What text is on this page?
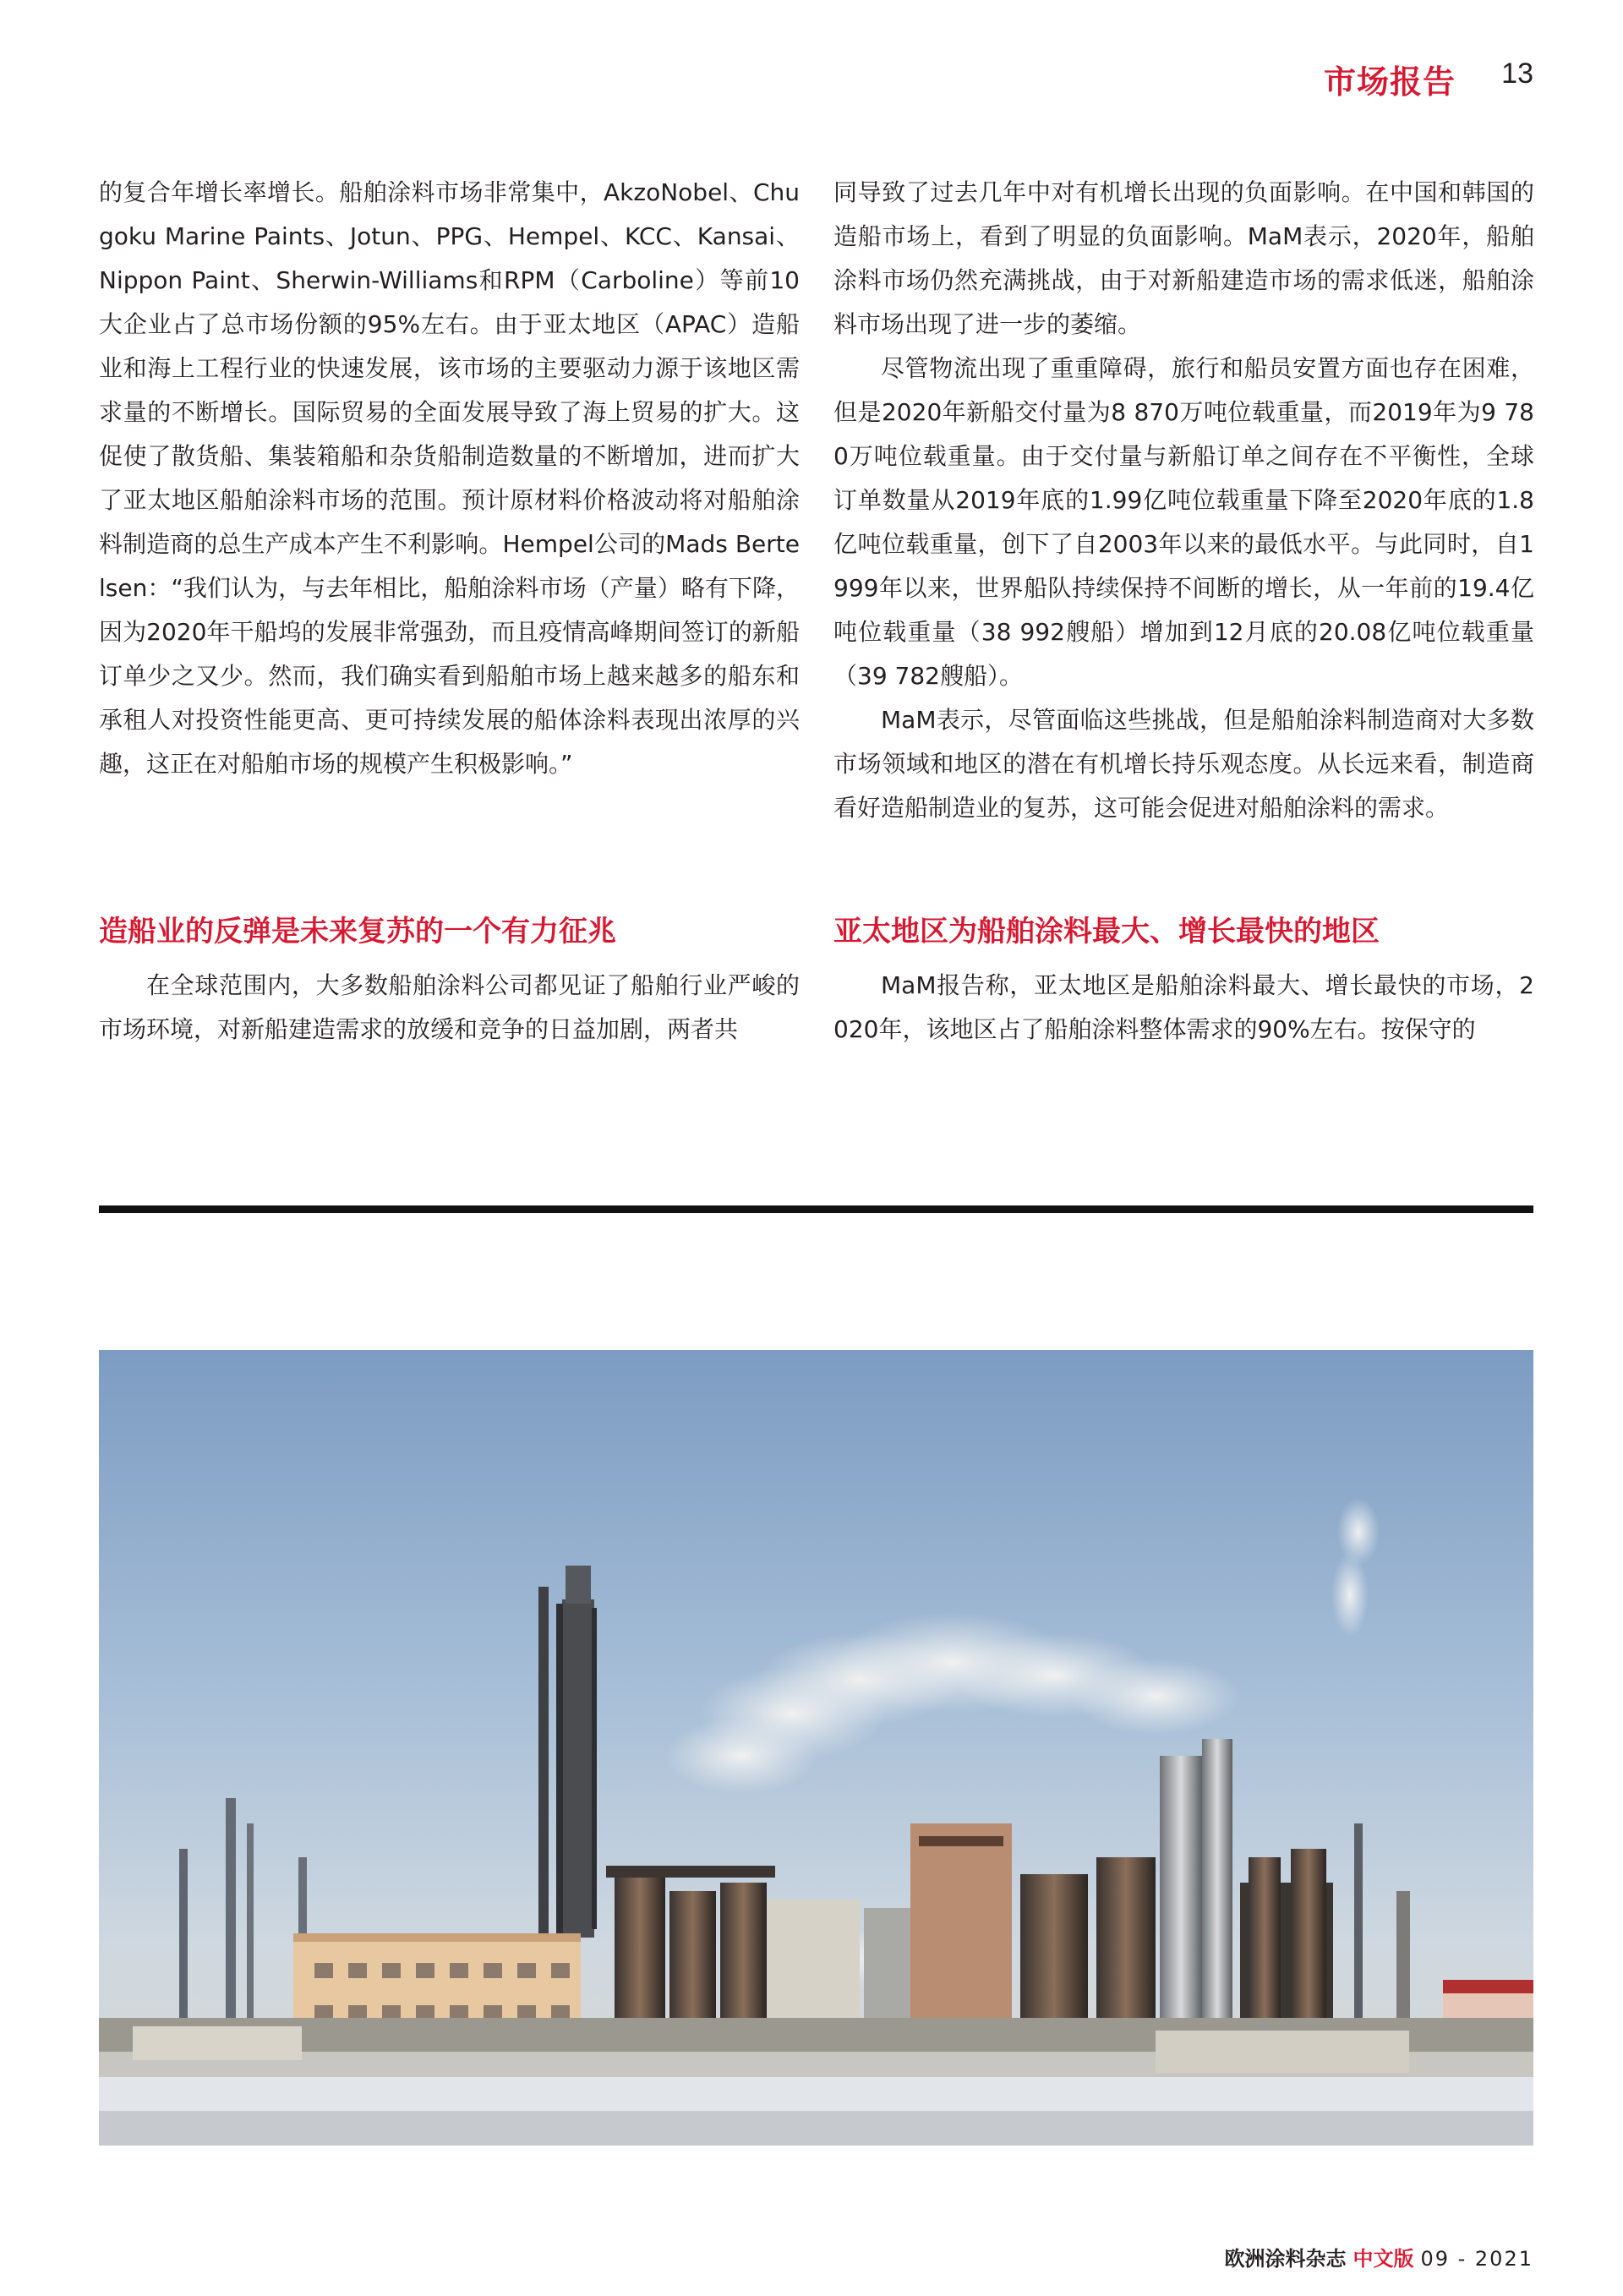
市场报告 13

的复合年增长率增长。船舶涂料市场非常集中，AkzoNobel、Chugoku Marine Paints、Jotun、PPG、Hempel、KCC、Kansai、Nippon Paint、Sherwin-Williams和RPM（Carboline）等前10大企业占了总市场份额的95%左右。由于亚太地区（APAC）造船业和海上工程行业的快速发展，该市场的主要驱动力源于该地区需求量的不断增长。国际贸易的全面发展导致了海上贸易的扩大。这促使了散货船、集装箱船和杂货船制造数量的不断增加，进而扩大了亚太地区船舶涂料市场的范围。预计原材料价格波动将对船舶涂料制造商的总生产成本产生不利影响。Hempel公司的Mads Bertelsen：“我们认为，与去年相比，船舶涂料市场（产量）略有下降，因为2020年干船坞的发展非常强劲，而且疫情高峰期间签订的新船订单少之又少。然而，我们确实看到船舶市场上越来越多的船东和承租人对投资性能更高、更可持续发展的船体涂料表现出浓厚的兴趣，这正在对船舶市场的规模产生积极影响。”

同导致了过去几年中对有机增长出现的负面影响。在中国和韩国的造船市场上，看到了明显的负面影响。MaM表示，2020年，船舶涂料市场仍然充满挑战，由于对新船建造市场的需求低迷，船舶涂料市场出现了进一步的萎缩。

尽管物流出现了重重障碍，旅行和船员安置方面也存在困难，但是2020年新船交付量为8 870万吨位载重量，而2019年为9 780万吨位载重量。由于交付量与新船订单之间存在不平衡性，全球订单数量从2019年底的1.99亿吨位载重量下降至2020年底的1.8亿吨位载重量，创下了自2003年以来的最低水平。与此同时，自1999年以来，世界船队持续保持不间断的增长，从一年前的19.4亿吨位载重量（38 992艘船）增加到12月底的20.08亿吨位载重量（39 782艘船）。

MaM表示，尽管面临这些挑战，但是船舶涂料制造商对大多数市场领域和地区的潜在有机增长持乐观态度。从长远来看，制造商看好造船制造业的复苏，这可能会促进对船舶涂料的需求。

造船业的反弹是未来复苏的一个有力征兆	亚太地区为船舶涂料最大、增长最快的地区

在全球范围内，大多数船舶涂料公司都见证了船舶行业严峻的市场环境，对新船建造需求的放缓和竞争的日益加剧，两者共

MaM报告称，亚太地区是船舶涂料最大、增长最快的市场，2020年，该地区占了船舶涂料整体需求的90%左右。按保守的

欧洲涂料杂志 中文版 09 - 2021
